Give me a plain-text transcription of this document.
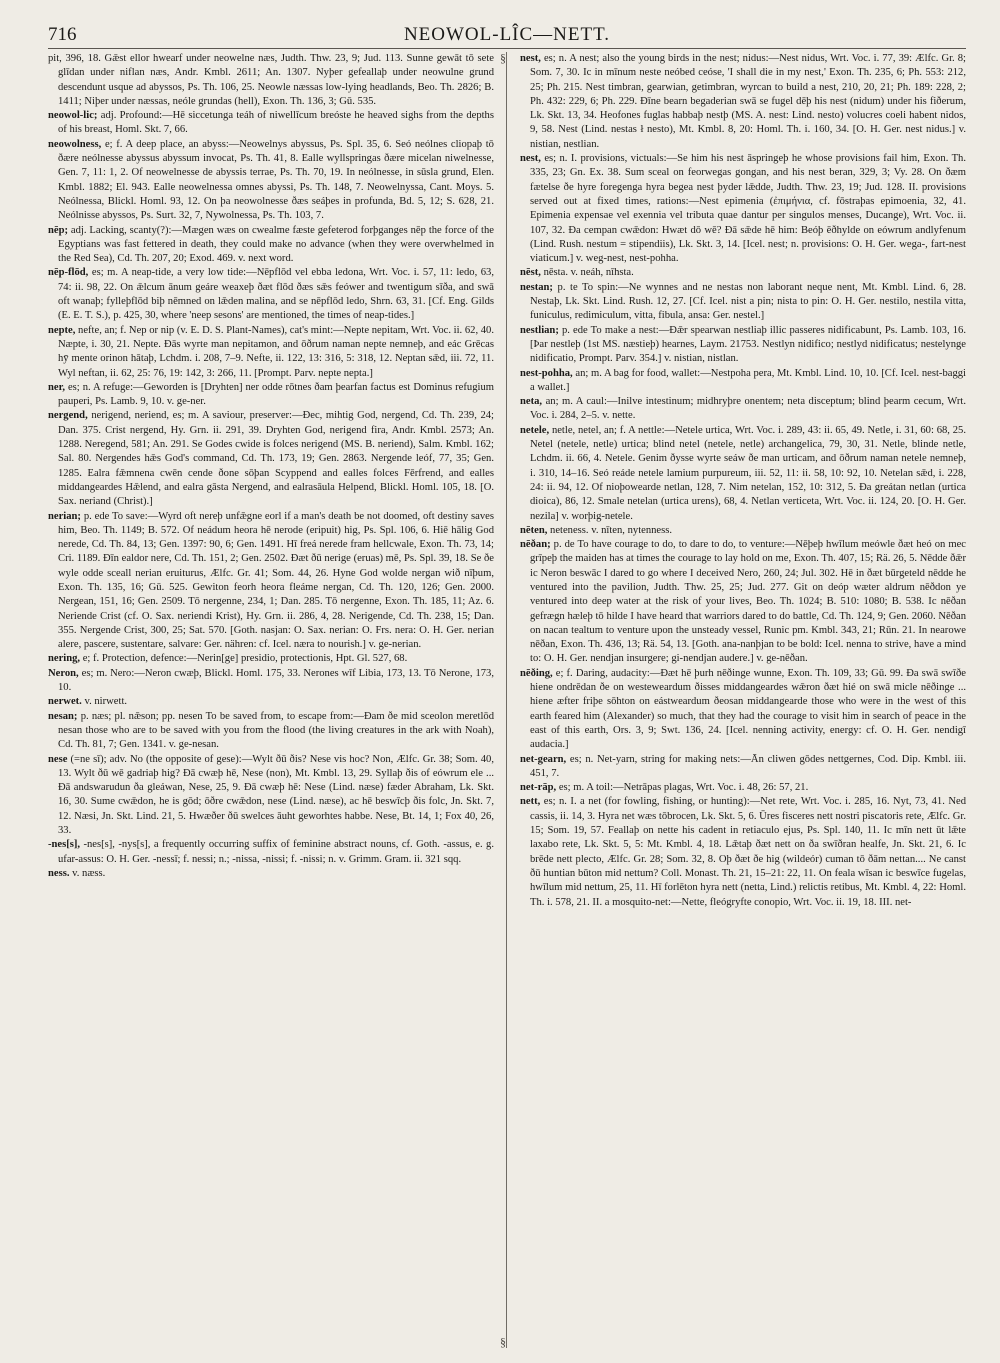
716	NEOWOL-LÎC—NETT.

pit, 396, 18. Gǣst ellor hwearf under neowelne næs, Judth. Thw. 23, 9; Jud. 113. Sunne gewāt tō sete glīdan under niflan næs, Andr. Kmbl. 2611; An. 1307. Nyþer gefeallaþ under neowulne grund descendunt usque ad abyssos, Ps. Th. 106, 25. Neowle næssas low-lying headlands, Beo. Th. 2826; B. 1411; Niþer under næssas, neóle grundas (hell), Exon. Th. 136, 3; Gū. 535.

neowol-lic; adj. Profound:—Hē siccetunga teáh of niwellīcum breóste he heaved sighs from the depths of his breast, Homl. Skt. 7, 66.

neowolness, e; f. A deep place, an abyss:—Neowelnys abyssus, Ps. Spl. 35, 6. Seó neólnes cliopaþ tō ðære neólnesse abyssus abyssum invocat, Ps. Th. 41, 8. Ealle wyllspringas ðære micelan niwelnesse, Gen. 7, 11: 1, 2. Of neowelnesse de abyssis terrae, Ps. Th. 70, 19. In neólnesse, in sūsla grund, Elen. Kmbl. 1882; El. 943. Ealle neowelnessa omnes abyssi, Ps. Th. 148, 7. Neowelnyssa, Cant. Moys. 5. Neólnessa, Blickl. Homl. 93, 12. On þa neowolnesse ðæs seáþes in profunda, Bd. 5, 12; S. 628, 21. Neólnisse abyssos, Ps. Surt. 32, 7, Nywolnessa, Ps. Th. 103, 7.

nēp; adj. Lacking, scanty(?):—Mægen wæs on cwealme fæste gefeterod forþganges nēp the force of the Egyptians was fast fettered in death, they could make no advance (when they were overwhelmed in the Red Sea), Cd. Th. 207, 20; Exod. 469. v. next word.

nēp-flōd, es; m. A neap-tide, a very low tide:—Nēpflōd vel ebba ledona, Wrt. Voc. i. 57, 11: ledo, 63, 74: ii. 98, 22. On ǣlcum ānum geáre weaxeþ ðæt flōd ðæs sǣs feówer and twentigum sīða, and swā oft wanaþ; fylleþflōd biþ nēmned on lǣden malina, and se nēpflōd ledo, Shrn. 63, 31. [Cf. Eng. Gilds (E. E. T. S.), p. 425, 30, where 'neep sesons' are mentioned, the times of neap-tides.]

nepte, nefte, an; f. Nep or nip (v. E. D. S. Plant-Names), cat's mint:—Nepte nepitam, Wrt. Voc. ii. 62, 40. Næpte, i. 30, 21. Nepte. Ðās wyrte man nepitamon, and ōðrum naman nepte nemneþ, and eác Grēcas hȳ mente orinon hātaþ, Lchdm. i. 208, 7–9. Nefte, ii. 122, 13: 316, 5: 318, 12. Neptan sǣd, iii. 72, 11. Wyl neftan, ii. 62, 25: 76, 19: 142, 3: 266, 11. [Prompt. Parv. nepte nepta.]

ner, es; n. A refuge:—Geworden is [Dryhten] ner odde rōtnes ðam þearfan factus est Dominus refugium pauperi, Ps. Lamb. 9, 10. v. ge-ner.

nergend, nerigend, neriend, es; m. A saviour, preserver:—Ðec, mihtig God, nergend, Cd. Th. 239, 24; Dan. 375. Crist nergend, Hy. Grn. ii. 291, 39. Dryhten God, nerigend fira, Andr. Kmbl. 2573; An. 1288. Neregend, 581; An. 291. Se Godes cwide is folces nerigend (MS. B. neriend), Salm. Kmbl. 162; Sal. 80. Nergendes hǣs God's command, Cd. Th. 173, 19; Gen. 2863. Nergende leóf, 77, 35; Gen. 1285. Ealra fǣmnena cwēn cende ðone sōþan Scyppend and ealles folces Fērfrend, and ealles middangeardes Hǣlend, and ealra gāsta Nergend, and ealrasāula Helpend, Blickl. Homl. 105, 18. [O. Sax. neriand (Christ).]

nerian; p. ede To save:—Wyrd oft nereþ unfǣgne eorl if a man's death be not doomed, oft destiny saves him, Beo. Th. 1149; B. 572. Of neádum heora hē nerode (eripuit) hig, Ps. Spl. 106, 6. Hiē hālig God nerede, Cd. Th. 84, 13; Gen. 1397: 90, 6; Gen. 1491. Hī freá nerede fram hellcwale, Exon. Th. 73, 14; Cri. 1189. Ðīn ealdor nere, Cd. Th. 151, 2; Gen. 2502. Ðæt ðū nerige (eruas) mē, Ps. Spl. 39, 18. Se ðe wyle odde sceall nerian eruiturus, Ælfc. Gr. 41; Som. 44, 26. Hyne God wolde nergan wið nīþum, Exon. Th. 135, 16; Gū. 525. Gewiton feorh heora fleáme nergan, Cd. Th. 120, 126; Gen. 2000. Nergean, 151, 16; Gen. 2509. Tō nergenne, 234, 1; Dan. 285. Tō nergenne, Exon. Th. 185, 11; Az. 6. Neriende Crist (cf. O. Sax. neriendi Krist), Hy. Grn. ii. 286, 4, 28. Nerigende, Cd. Th. 238, 15; Dan. 355. Nergende Crist, 300, 25; Sat. 570. [Goth. nasjan: O. Sax. nerian: O. Frs. nera: O. H. Ger. nerian alere, pascere, sustentare, salvare: Ger. nähren: cf. Icel. næra to nourish.] v. ge-nerian.

nering, e; f. Protection, defence:—Nerin[ge] presidio, protectionis, Hpt. Gl. 527, 68.

Neron, es; m. Nero:—Neron cwæþ, Blickl. Homl. 175, 33. Nerones wīf Libia, 173, 13. Tō Nerone, 173, 10.

nerwet. v. nirwett.

nesan; p. næs; pl. nǣson; pp. nesen To be saved from, to escape from:—Ðam ðe mid sceolon meretlōd nesan those who are to be saved with you from the flood (the living creatures in the ark with Noah), Cd. Th. 81, 7; Gen. 1341. v. ge-nesan.

nese (=ne sī); adv. No (the opposite of gese):—Wylt ðū ðis? Nese vis hoc? Non, Ælfc. Gr. 38; Som. 40, 13. Wylt ðū wē gadriaþ hig? Ðā cwæþ hē, Nese (non), Mt. Kmbl. 13, 29. Syllaþ ðis of eówrum ele ... Ðā andswarudun ða gleáwan, Nese, 25, 9. Ðā cwæþ hē: Nese (Lind. næse) fæder Abraham, Lk. Skt. 16, 30. Sume cwǣdon, he is gōd; ōðre cwǣdon, nese (Lind. næse), ac hē beswīcþ ðis folc, Jn. Skt. 7, 12. Næsi, Jn. Skt. Lind. 21, 5. Hwæðer ðū swelces āuht geworhtes habbe. Nese, Bt. 14, 1; Fox 40, 26, 33.

-nes[s], -nes[s], -nys[s], a frequently occurring suffix of feminine abstract nouns, cf. Goth. -assus, e. g. ufar-assus: O. H. Ger. -nessī; f. nessi; n.; -nissa, -nissi; f. -nissi; n. v. Grimm. Gram. ii. 321 sqq.

ness. v. næss.

§
§

nest, es; n. A nest; also the young birds in the nest; nidus:—Nest nidus, Wrt. Voc. i. 77, 39: Ælfc. Gr. 8; Som. 7, 30. Ic in mīnum neste neóbed ceóse, 'I shall die in my nest,' Exon. Th. 235, 6; Ph. 553: 212, 25; Ph. 215. Nest timbran, gearwian, getimbran, wyrcan to build a nest, 210, 20, 21; Ph. 189: 228, 2; Ph. 432: 229, 6; Ph. 229. Ðīne bearn begaderian swā se fugel dēþ his nest (nidum) under his fiðerum, Lk. Skt. 13, 34. Heofones fuglas habbaþ nestþ (MS. A. nest: Lind. nesto) volucres coeli habent nidos, 9, 58. Nest (Lind. nestas ł nesto), Mt. Kmbl. 8, 20: Homl. Th. i. 160, 34. [O. H. Ger. nest nidus.] v. nistian, nestlian.

nest, es; n. I. provisions, victuals:—Se him his nest āspringeþ he whose provisions fail him, Exon. Th. 335, 23; Gn. Ex. 38. Sum sceal on feorwegas gongan, and his nest beran, 329, 3; Vy. 28. On ðæm fætelse ðe hyre foregenga hyra begea nest þyder lǣdde, Judth. Thw. 23, 19; Jud. 128. II. provisions served out at fixed times, rations:—Nest epimenia (ἐπιμήνια, cf. fōstraþas epimoenia, 32, 41. Epimenia expensae vel exennia vel tributa quae dantur per singulos menses, Ducange), Wrt. Voc. ii. 107, 32. Ða cempan cwǣdon: Hwæt dō wē? Ðā sǣde hē him: Beóþ ēðhylde on eówrum andlyfenum (Lind. Rush. nestum = stipendiis), Lk. Skt. 3, 14. [Icel. nest; n. provisions: O. H. Ger. wega-, fart-nest viaticum.] v. weg-nest, nest-pohha.

nēst, nēsta. v. neáh, nīhsta.

nestan; p. te To spin:—Ne wynnes and ne nestas non laborant neque nent, Mt. Kmbl. Lind. 6, 28. Nestaþ, Lk. Skt. Lind. Rush. 12, 27. [Cf. Icel. nist a pin; nista to pin: O. H. Ger. nestilo, nestila vitta, funiculus, redimiculum, vitta, fibula, ansa: Ger. nestel.]

nestlian; p. ede To make a nest:—Ðǣr spearwan nestliaþ illic passeres nidificabunt, Ps. Lamb. 103, 16. [Þar nestleþ (1st MS. næstieþ) hearnes, Laym. 21753. Nestlyn nidifico; nestlyd nidificatus; nestelynge nidificatio, Prompt. Parv. 354.] v. nistian, nistlan.

nest-pohha, an; m. A bag for food, wallet:—Nestpoha pera, Mt. Kmbl. Lind. 10, 10. [Cf. Icel. nest-baggi a wallet.]

neta, an; m. A caul:—Inilve intestinum; midhryþre onentem; neta disceptum; blind þearm cecum, Wrt. Voc. i. 284, 2–5. v. nette.

netele, netle, netel, an; f. A nettle:—Netele urtica, Wrt. Voc. i. 289, 43: ii. 65, 49. Netle, i. 31, 60: 68, 25. Netel (netele, netle) urtica; blind netel (netele, netle) archangelica, 79, 30, 31. Netle, blinde netle, Lchdm. ii. 66, 4. Netele. Genim ðysse wyrte seáw ðe man urticam, and ōðrum naman netele nemneþ, i. 310, 14–16. Seó reáde netele lamium purpureum, iii. 52, 11: ii. 58, 10: 92, 10. Netelan sǣd, i. 228, 24: ii. 94, 12. Of nioþowearde netlan, 128, 7. Nim netelan, 152, 10: 312, 5. Ða greátan netlan (urtica dioica), 86, 12. Smale netelan (urtica urens), 68, 4. Netlan verticeta, Wrt. Voc. ii. 124, 20. [O. H. Ger. nezila] v. worþig-netele.

nēten, neteness. v. nīten, nytenness.

nēðan; p. de To have courage to do, to dare to do, to venture:—Nēþeþ hwīlum meówle ðæt heó on mec grīpeþ the maiden has at times the courage to lay hold on me, Exon. Th. 407, 15; Rä. 26, 5. Nēdde ðǣr ic Neron beswāc I dared to go where I deceived Nero, 260, 24; Jul. 302. Hē in ðæt būrgeteld nēdde he ventured into the pavilion, Judth. Thw. 25, 25; Jud. 277. Git on deóp wæter aldrum nēðdon ye ventured into deep water at the risk of your lives, Beo. Th. 1024; B. 510: 1080; B. 538. Ic nēðan gefrægn hæleþ tō hilde I have heard that warriors dared to do battle, Cd. Th. 124, 9; Gen. 2060. Nēðan on nacan tealtum to venture upon the unsteady vessel, Runic pm. Kmbl. 343, 21; Rūn. 21. In nearowe nēðan, Exon. Th. 436, 13; Rä. 54, 13. [Goth. ana-nanþjan to be bold: Icel. nenna to strive, have a mind to: O. H. Ger. nendjan insurgere; gi-nendjan audere.] v. ge-nēðan.

nēðing, e; f. Daring, audacity:—Ðæt hē þurh nēðinge wunne, Exon. Th. 109, 33; Gū. 99. Ða swā swīðe hiene ondrēdan ðe on westeweardum ðisses middangeardes wǣron ðæt hié on swā micle nēðinge ... hiene æfter friþe sōhton on eástweardum ðeosan middangearde those who were in the west of this earth feared him (Alexander) so much, that they had the courage to visit him in search of peace in the east of this earth, Ors. 3, 9; Swt. 136, 24. [Icel. nenning activity, energy: cf. O. H. Ger. nendigī audacia.]

net-gearn, es; n. Net-yarn, string for making nets:—Ān cliwen gōdes nettgernes, Cod. Dip. Kmbl. iii. 451, 7.

net-rāp, es; m. A toil:—Netrāpas plagas, Wrt. Voc. i. 48, 26: 57, 21.

nett, es; n. I. a net (for fowling, fishing, or hunting):—Net rete, Wrt. Voc. i. 285, 16. Nyt, 73, 41. Ned cassis, ii. 14, 3. Hyra net wæs tōbrocen, Lk. Skt. 5, 6. Ūres fisceres nett nostri piscatoris rete, Ælfc. Gr. 15; Som. 19, 57. Feallaþ on nette his cadent in retiaculo ejus, Ps. Spl. 140, 11. Ic mīn nett ūt lǣte laxabo rete, Lk. Skt. 5, 5: Mt. Kmbl. 4, 18. Lǣtaþ ðæt nett on ða swīðran healfe, Jn. Skt. 21, 6. Ic brēde nett plecto, Ælfc. Gr. 28; Som. 32, 8. Oþ ðæt ðe hig (wildeór) cuman tō ðām nettan.... Ne canst ðū huntian būton mid nettum? Coll. Monast. Th. 21, 15–21: 22, 11. On feala wīsan ic beswīce fugelas, hwīlum mid nettum, 25, 11. Hī forlēton hyra nett (netta, Lind.) relictis retibus, Mt. Kmbl. 4, 22: Homl. Th. i. 578, 21. II. a mosquito-net:—Nette, fleógryfte conopio, Wrt. Voc. ii. 19, 18. III. net-
